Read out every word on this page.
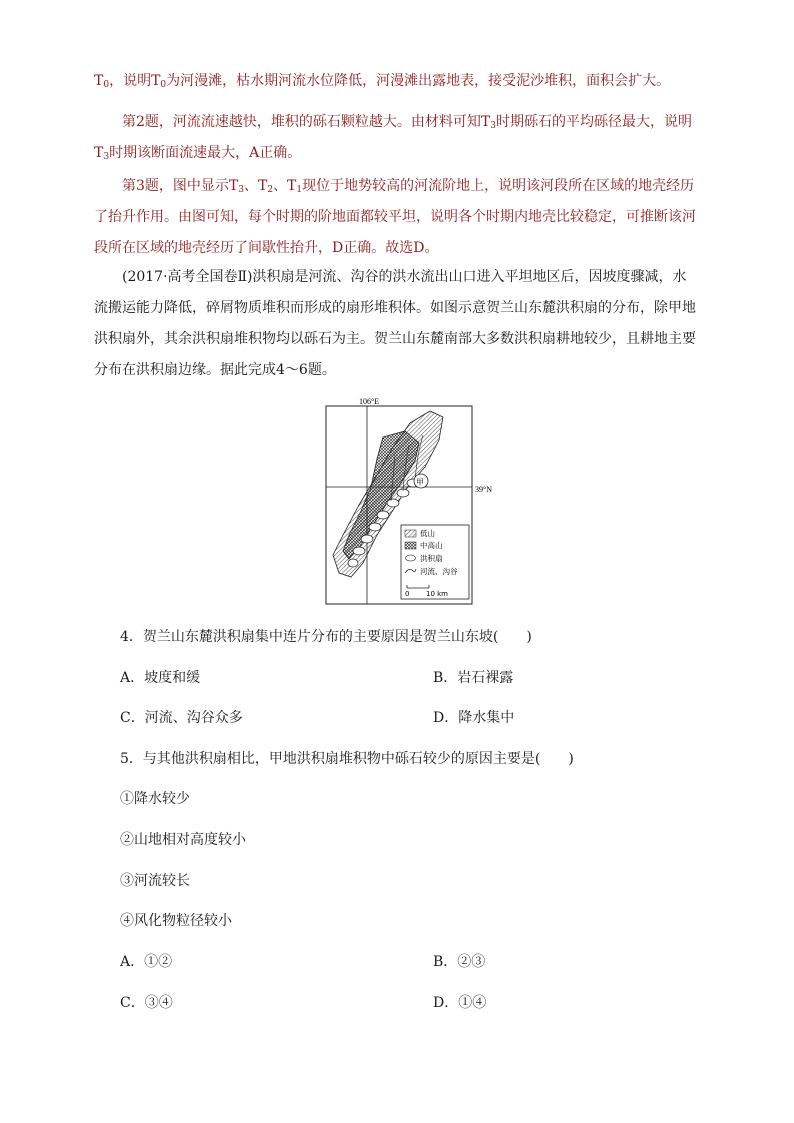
$T_0$，说明$T_0$为河漫滩，枯水期河流水位降低，河漫滩出露地表，接受泥沙堆积，面积会扩大。

第2题，河流流速越快，堆积的砾石颗粒越大。由材料可知$T_3$时期砾石的平均砾径最大，说明$T_3$时期该断面流速最大，A正确。

第3题，图中显示$T_3$、$T_2$、$T_1$现位于地势较高的河流阶地上，说明该河段所在区域的地壳经历了抬升作用。由图可知，每个时期的阶地面都较平坦，说明各个时期内地壳比较稳定，可推断该河段所在区域的地壳经历了间歇性抬升，D正确。故选D。

(2017·高考全国卷Ⅱ)洪积扇是河流、沟谷的洪水流出山口进入平坦地区后，因坡度骤减，水流搬运能力降低，碎屑物质堆积而形成的扇形堆积体。如图示意贺兰山东麓洪积扇的分布，除甲地洪积扇外，其余洪积扇堆积物均以砾石为主。贺兰山东麓南部大多数洪积扇耕地较少，且耕地主要分布在洪积扇边缘。据此完成4～6题。

106°E
39°N
甲
低山
中高山
洪积扇
河流、沟谷
0 10 km

4．贺兰山东麓洪积扇集中连片分布的主要原因是贺兰山东坡(　　)

A．坡度和缓	B．岩石裸露

C．河流、沟谷众多	D．降水集中

5．与其他洪积扇相比，甲地洪积扇堆积物中砾石较少的原因主要是(　　)

①降水较少

②山地相对高度较小

③河流较长

④风化物粒径较小

A．①②	B．②③

C．③④	D．①④
